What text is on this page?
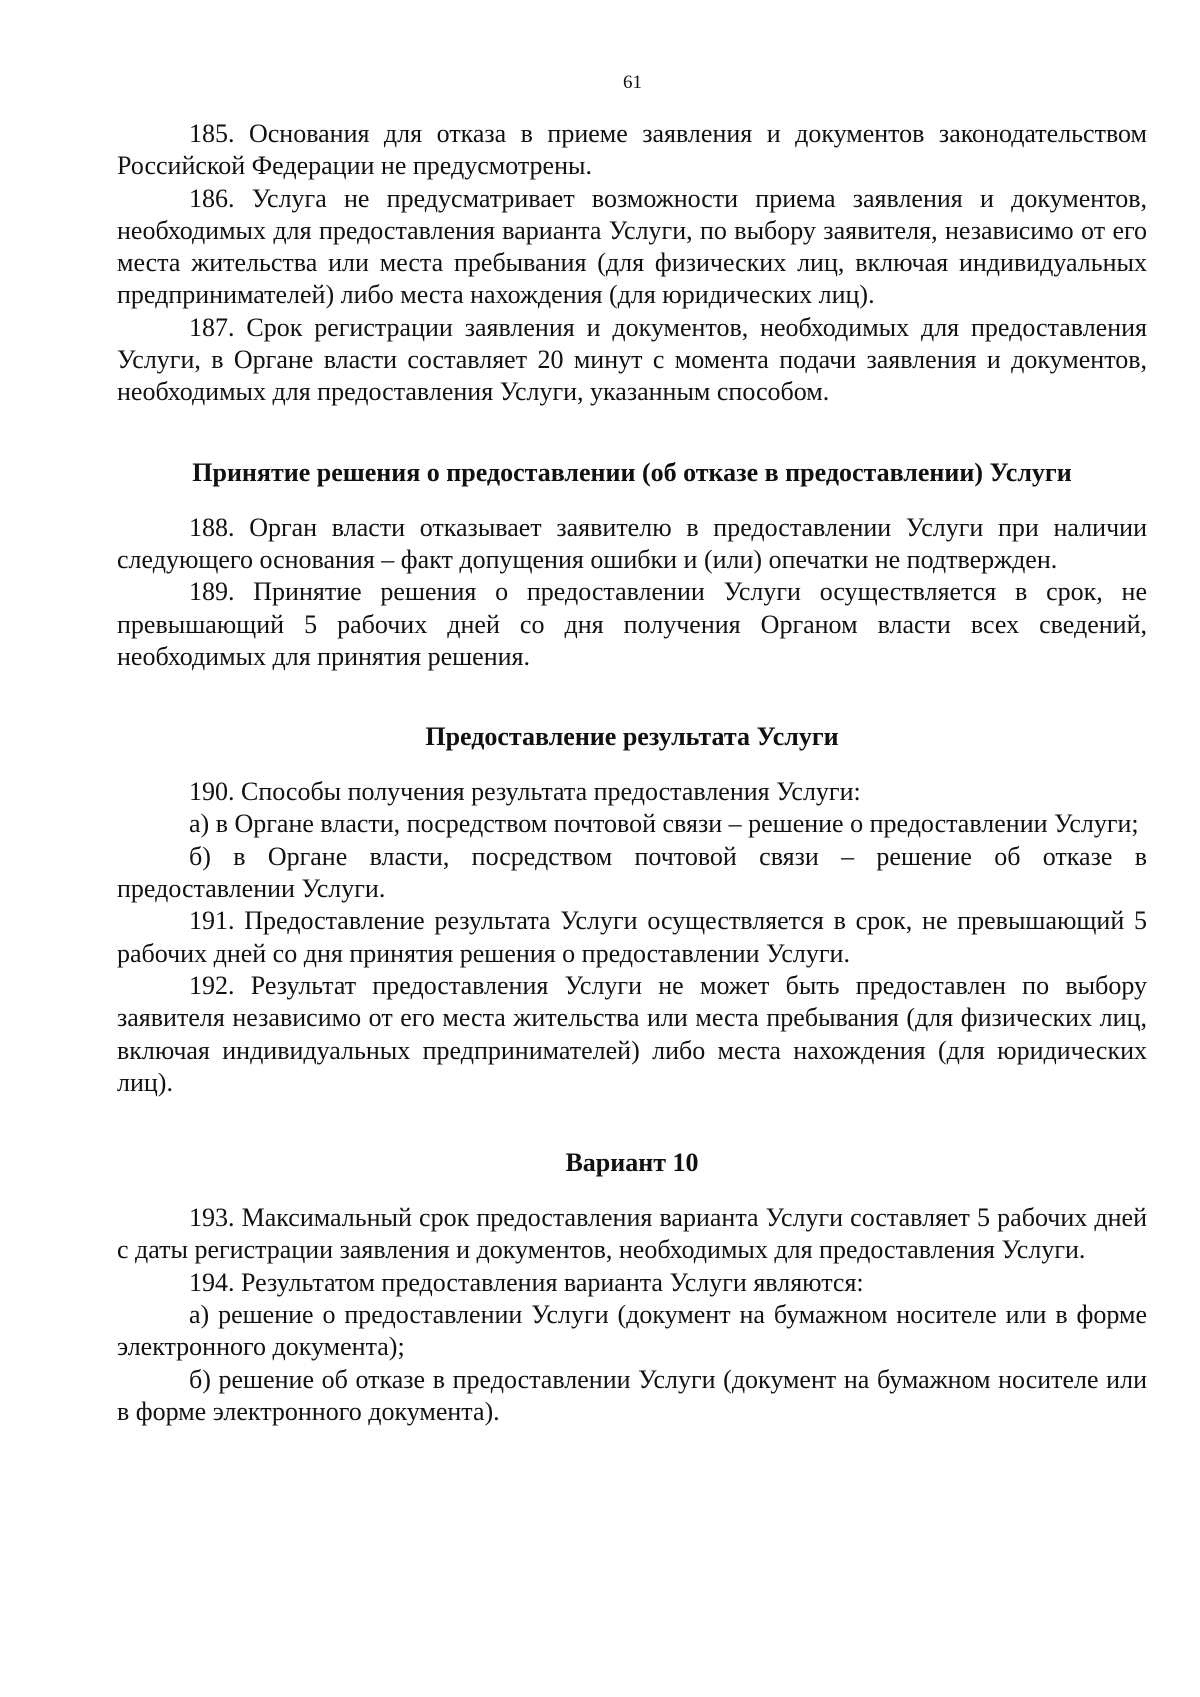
61

185. Основания для отказа в приеме заявления и документов законодательством Российской Федерации не предусмотрены.

186. Услуга не предусматривает возможности приема заявления и документов, необходимых для предоставления варианта Услуги, по выбору заявителя, независимо от его места жительства или места пребывания (для физических лиц, включая индивидуальных предпринимателей) либо места нахождения (для юридических лиц).

187. Срок регистрации заявления и документов, необходимых для предоставления Услуги, в Органе власти составляет 20 минут с момента подачи заявления и документов, необходимых для предоставления Услуги, указанным способом.

Принятие решения о предоставлении (об отказе в предоставлении) Услуги

188. Орган власти отказывает заявителю в предоставлении Услуги при наличии следующего основания – факт допущения ошибки и (или) опечатки не подтвержден.

189. Принятие решения о предоставлении Услуги осуществляется в срок, не превышающий 5 рабочих дней со дня получения Органом власти всех сведений, необходимых для принятия решения.

Предоставление результата Услуги

190. Способы получения результата предоставления Услуги:

а) в Органе власти, посредством почтовой связи – решение о предоставлении Услуги;

б) в Органе власти, посредством почтовой связи – решение об отказе в предоставлении Услуги.

191. Предоставление результата Услуги осуществляется в срок, не превышающий 5 рабочих дней со дня принятия решения о предоставлении Услуги.

192. Результат предоставления Услуги не может быть предоставлен по выбору заявителя независимо от его места жительства или места пребывания (для физических лиц, включая индивидуальных предпринимателей) либо места нахождения (для юридических лиц).

Вариант 10

193. Максимальный срок предоставления варианта Услуги составляет 5 рабочих дней с даты регистрации заявления и документов, необходимых для предоставления Услуги.

194. Результатом предоставления варианта Услуги являются:

а) решение о предоставлении Услуги (документ на бумажном носителе или в форме электронного документа);

б) решение об отказе в предоставлении Услуги (документ на бумажном носителе или в форме электронного документа).
